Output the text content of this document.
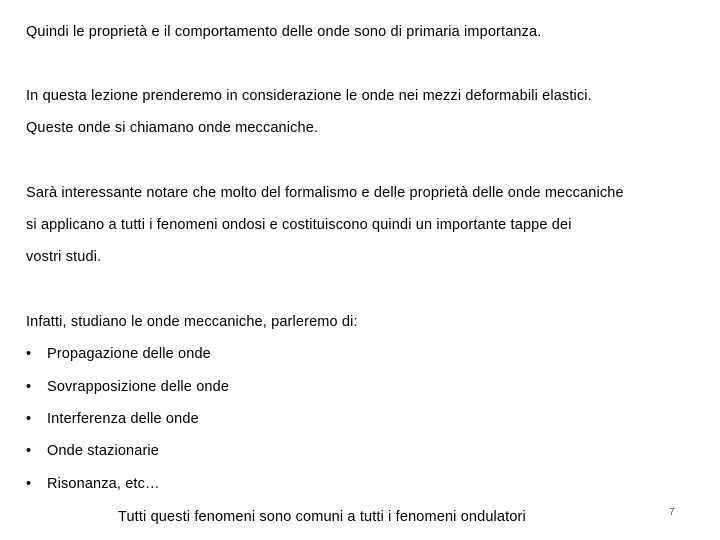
Quindi le proprietà e il comportamento delle onde sono di primaria importanza.
In questa lezione prenderemo in considerazione le onde nei mezzi deformabili elastici.
Queste onde si chiamano onde meccaniche.
Sarà interessante notare che molto del formalismo e delle proprietà delle onde meccaniche
si applicano a tutti i fenomeni ondosi e costituiscono quindi un importante tappe dei
vostri studi.
Infatti, studiano le onde meccaniche, parleremo di:
• Propagazione delle onde
• Sovrapposizione delle onde
• Interferenza delle onde
• Onde stazionarie
• Risonanza, etc…
Tutti questi fenomeni sono comuni a tutti i fenomeni ondulatori	7
